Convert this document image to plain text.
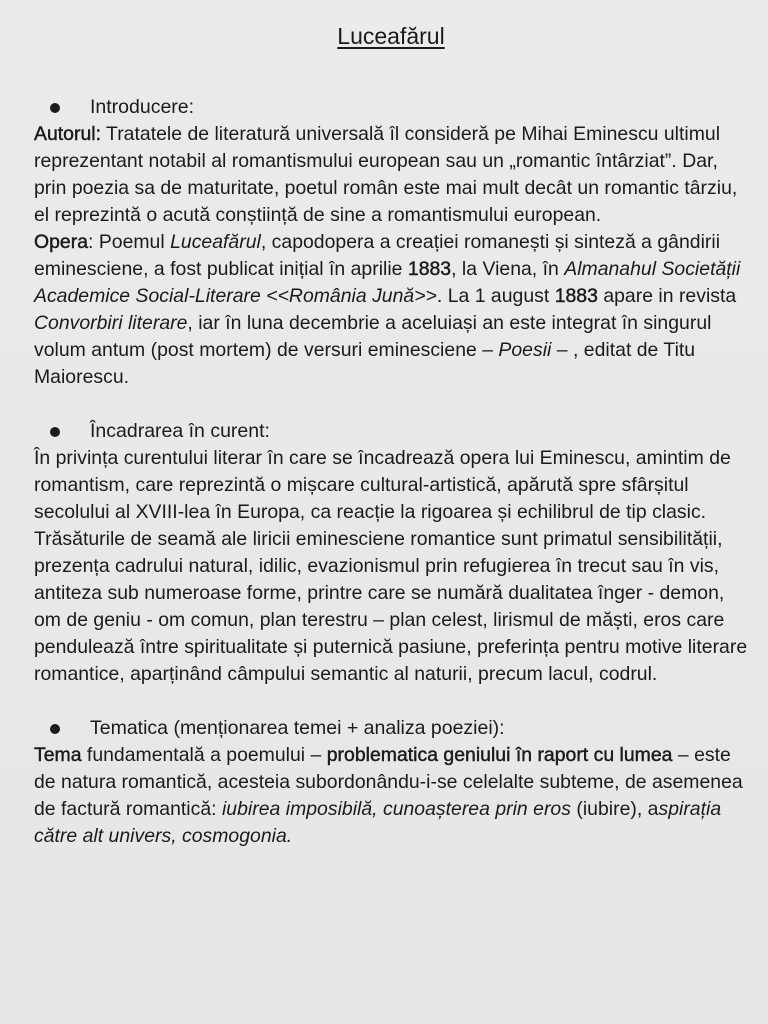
Luceafărul
Introducere:

Autorul: Tratatele de literatură universală îl consideră pe Mihai Eminescu ultimul reprezentant notabil al romantismului european sau un „romantic întârziat”. Dar, prin poezia sa de maturitate, poetul român este mai mult decât un romantic târziu, el reprezintă o acută conștiință de sine a romantismului european.

Opera: Poemul Luceafărul, capodopera a creației romanești și sinteză a gândirii eminesciene, a fost publicat inițial în aprilie 1883, la Viena, în Almanahul Societății Academice Social-Literare <<România Jună>>. La 1 august 1883 apare in revista Convorbiri literare, iar în luna decembrie a aceluiași an este integrat în singurul volum antum (post mortem) de versuri eminesciene – Poesii – , editat de Titu Maiorescu.

Încadrarea în curent:

În privința curentului literar în care se încadrează opera lui Eminescu, amintim de romantism, care reprezintă o mișcare cultural-artistică, apărută spre sfârșitul secolului al XVIII-lea în Europa, ca reacție la rigoarea și echilibrul de tip clasic. Trăsăturile de seamă ale liricii eminesciene romantice sunt primatul sensibilității, prezența cadrului natural, idilic, evazionismul prin refugierea în trecut sau în vis, antiteza sub numeroase forme, printre care se numără dualitatea înger - demon, om de geniu - om comun, plan terestru – plan celest, lirismul de măști, eros care pendulează între spiritualitate și puternică pasiune, preferința pentru motive literare romantice, aparținând câmpului semantic al naturii, precum lacul, codrul.

Tematica (menționarea temei + analiza poeziei):

Tema fundamentală a poemului – problematica geniului în raport cu lumea – este de natura romantică, acesteia subordonându-i-se celelalte subteme, de asemenea de factură romantică: iubirea imposibilă, cunoașterea prin eros (iubire), aspirația către alt univers, cosmogonia.
